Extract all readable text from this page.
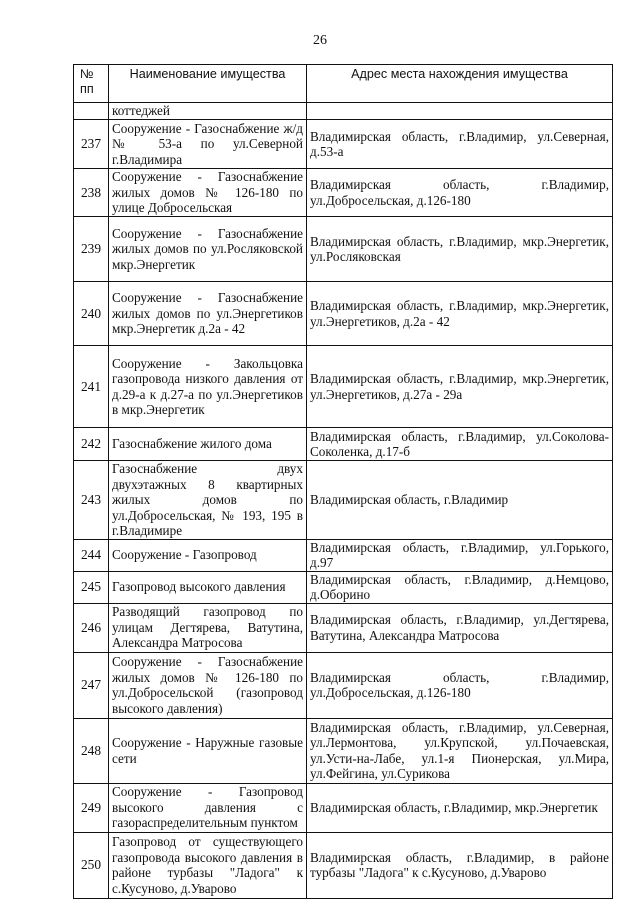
26
№ пп	Наименование имущества	Адрес места нахождения имущества
	коттеджей	
237	Сооружение - Газоснабжение ж/д № 53-а по ул.Северной г.Владимира	Владимирская область, г.Владимир, ул.Северная, д.53-а
238	Сооружение - Газоснабжение жилых домов № 126-180 по улице Добросельская	Владимирская область, г.Владимир, ул.Добросельская, д.126-180
239	Сооружение - Газоснабжение жилых домов по ул.Росляковской мкр.Энергетик	Владимирская область, г.Владимир, мкр.Энергетик, ул.Росляковская
240	Сооружение - Газоснабжение жилых домов по ул.Энергетиков мкр.Энергетик д.2а - 42	Владимирская область, г.Владимир, мкр.Энергетик, ул.Энергетиков, д.2а - 42
241	Сооружение - Закольцовка газопровода низкого давления от д.29-а к д.27-а по ул.Энергетиков в мкр.Энергетик	Владимирская область, г.Владимир, мкр.Энергетик, ул.Энергетиков, д.27а - 29а
242	Газоснабжение жилого дома	Владимирская область, г.Владимир, ул.Соколова-Соколенка, д.17-б
243	Газоснабжение двух двухэтажных 8 квартирных жилых домов по ул.Добросельская, № 193, 195 в г.Владимире	Владимирская область, г.Владимир
244	Сооружение - Газопровод	Владимирская область, г.Владимир, ул.Горького, д.97
245	Газопровод высокого давления	Владимирская область, г.Владимир, д.Немцово, д.Оборино
246	Разводящий газопровод по улицам Дегтярева, Ватутина, Александра Матросова	Владимирская область, г.Владимир, ул.Дегтярева, Ватутина, Александра Матросова
247	Сооружение - Газоснабжение жилых домов № 126-180 по ул.Добросельской (газопровод высокого давления)	Владимирская область, г.Владимир, ул.Добросельская, д.126-180
248	Сооружение - Наружные газовые сети	Владимирская область, г.Владимир, ул.Северная, ул.Лермонтова, ул.Крупской, ул.Почаевская, ул.Усти-на-Лабе, ул.1-я Пионерская, ул.Мира, ул.Фейгина, ул.Сурикова
249	Сооружение - Газопровод высокого давления с газораспределительным пунктом	Владимирская область, г.Владимир, мкр.Энергетик
250	Газопровод от существующего газопровода высокого давления в районе турбазы "Ладога" к с.Кусуново, д.Уварово	Владимирская область, г.Владимир, в районе турбазы "Ладога" к с.Кусуново, д.Уварово
